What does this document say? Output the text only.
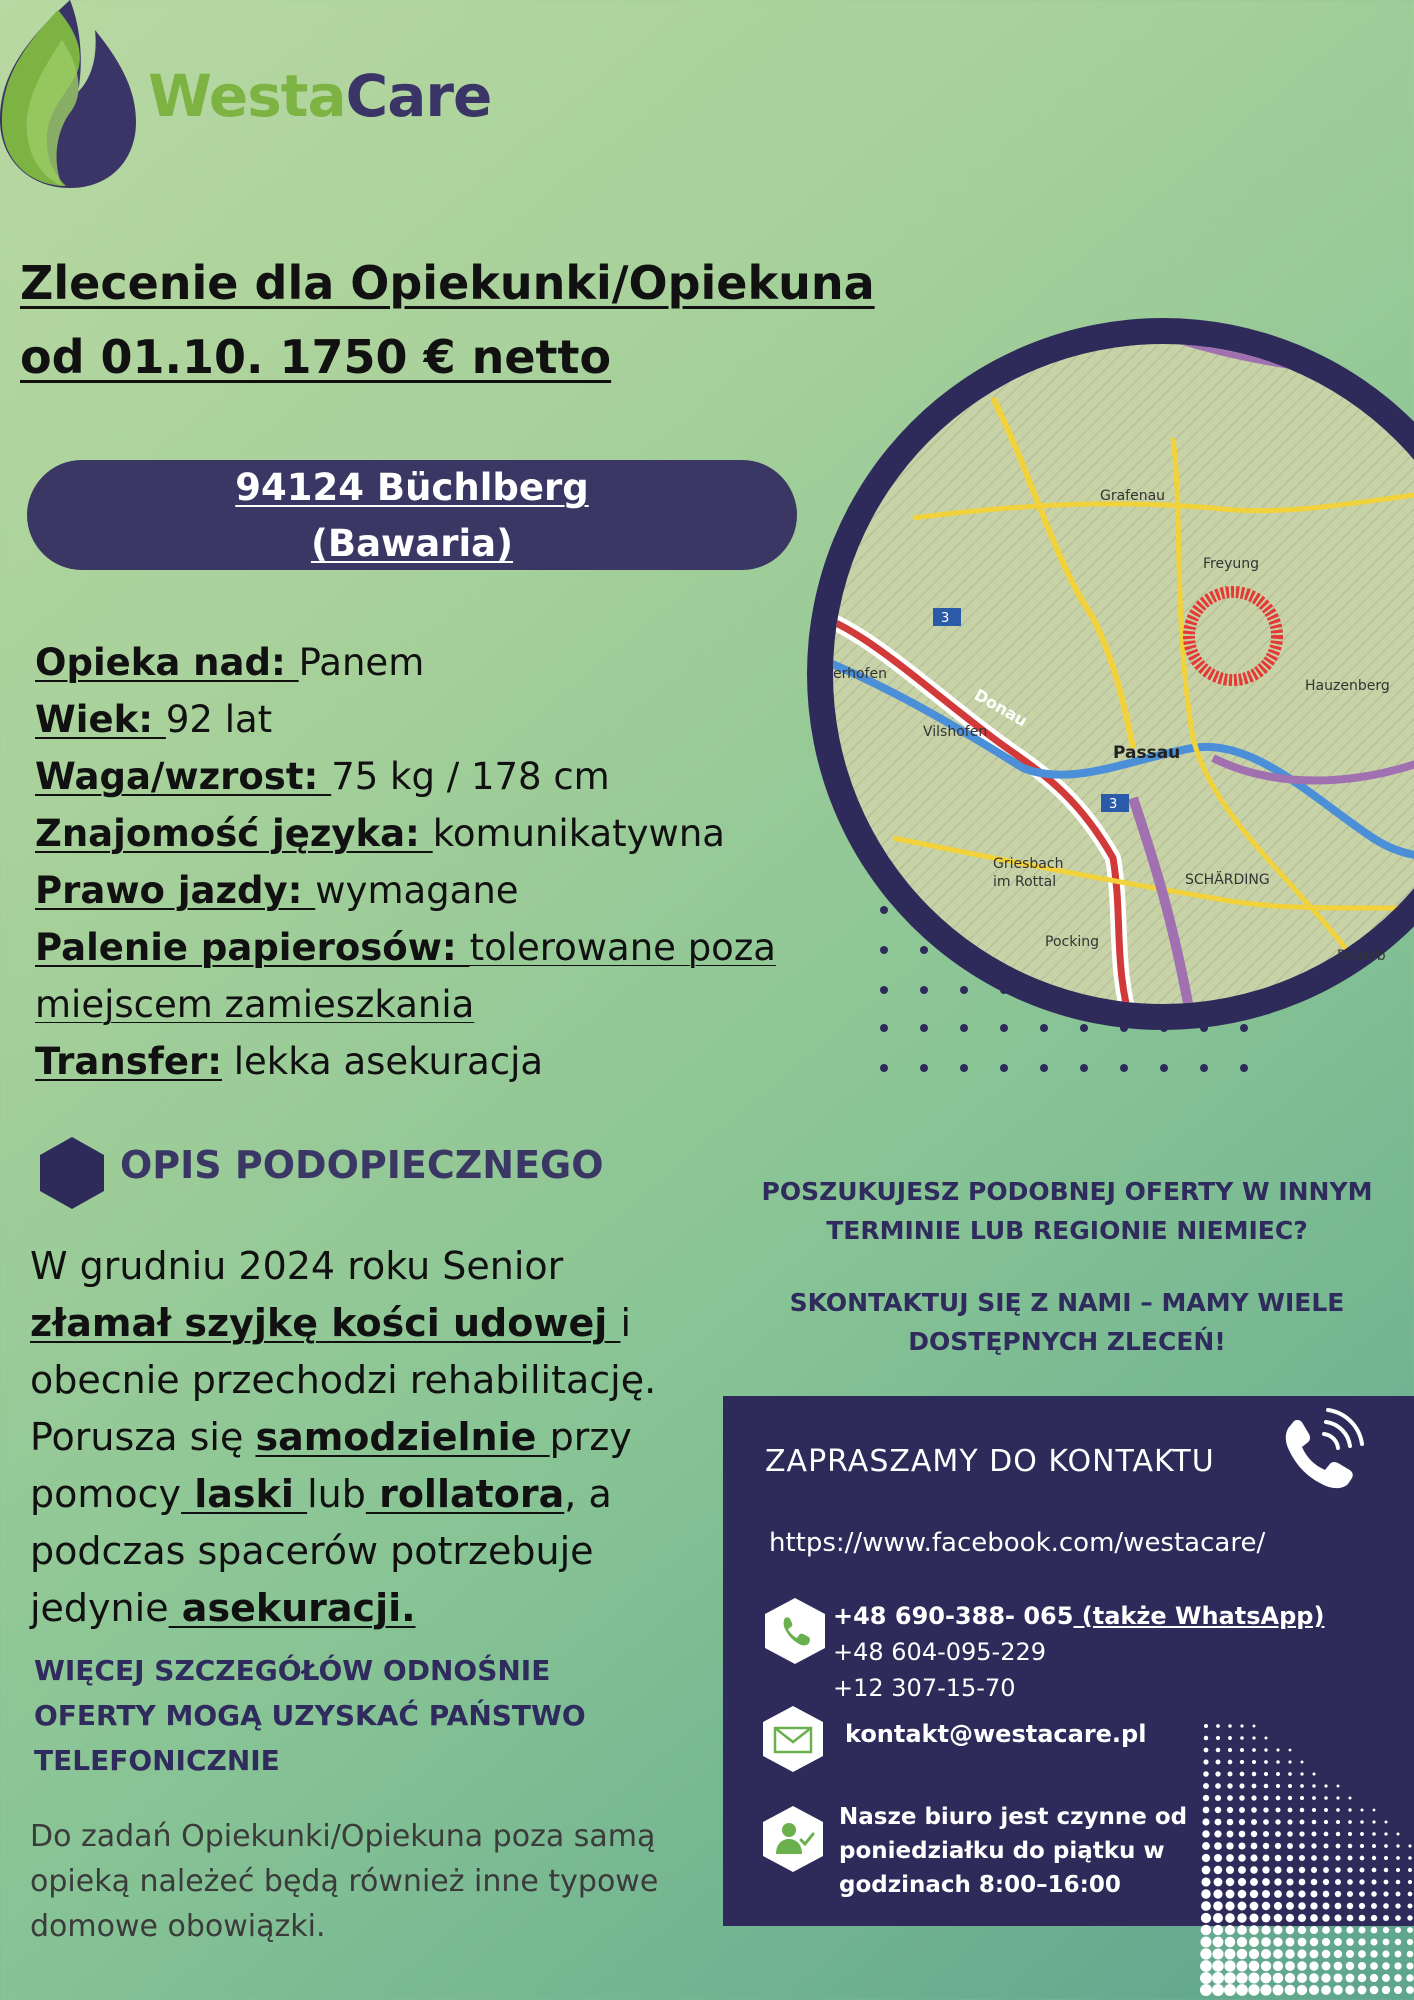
WestaCare
Zlecenie dla Opiekunki/Opiekuna
od 01.10. 1750 € netto
94124 Büchlberg
(Bawaria)
Opieka nad: Panem
Wiek: 92 lat
Waga/wzrost: 75 kg / 178 cm
Znajomość języka: komunikatywna
Prawo jazdy: wymagane
Palenie papierosów: tolerowane poza miejscem zamieszkania
Transfer: lekka asekuracja
Grafenau
Freyung
Hauzenberg
erhofen
Donau
Vilshofen
Passau
Griesbach
im Rottal	SCHÄRDING
Pocking
Peuerb
3
3
OPIS PODOPIECZNEGO
W grudniu 2024 roku Senior złamał szyjkę kości udowej i obecnie przechodzi rehabilitację. Porusza się samodzielnie przy pomocy laski lub rollatora, a podczas spacerów potrzebuje jedynie asekuracji.
WIĘCEJ SZCZEGÓŁÓW ODNOŚNIE OFERTY MOGĄ UZYSKAĆ PAŃSTWO TELEFONICZNIE
Do zadań Opiekunki/Opiekuna poza samą opieką należeć będą również inne typowe domowe obowiązki.
POSZUKUJESZ PODOBNEJ OFERTY W INNYM TERMINIE LUB REGIONIE NIEMIEC?
SKONTAKTUJ SIĘ Z NAMI – MAMY WIELE DOSTĘPNYCH ZLECEŃ!
ZAPRASZAMY DO KONTAKTU
https://www.facebook.com/westacare/
+48 690-388- 065 (także WhatsApp)
+48 604-095-229
+12 307-15-70
kontakt@westacare.pl
Nasze biuro jest czynne od poniedziałku do piątku w godzinach 8:00–16:00
